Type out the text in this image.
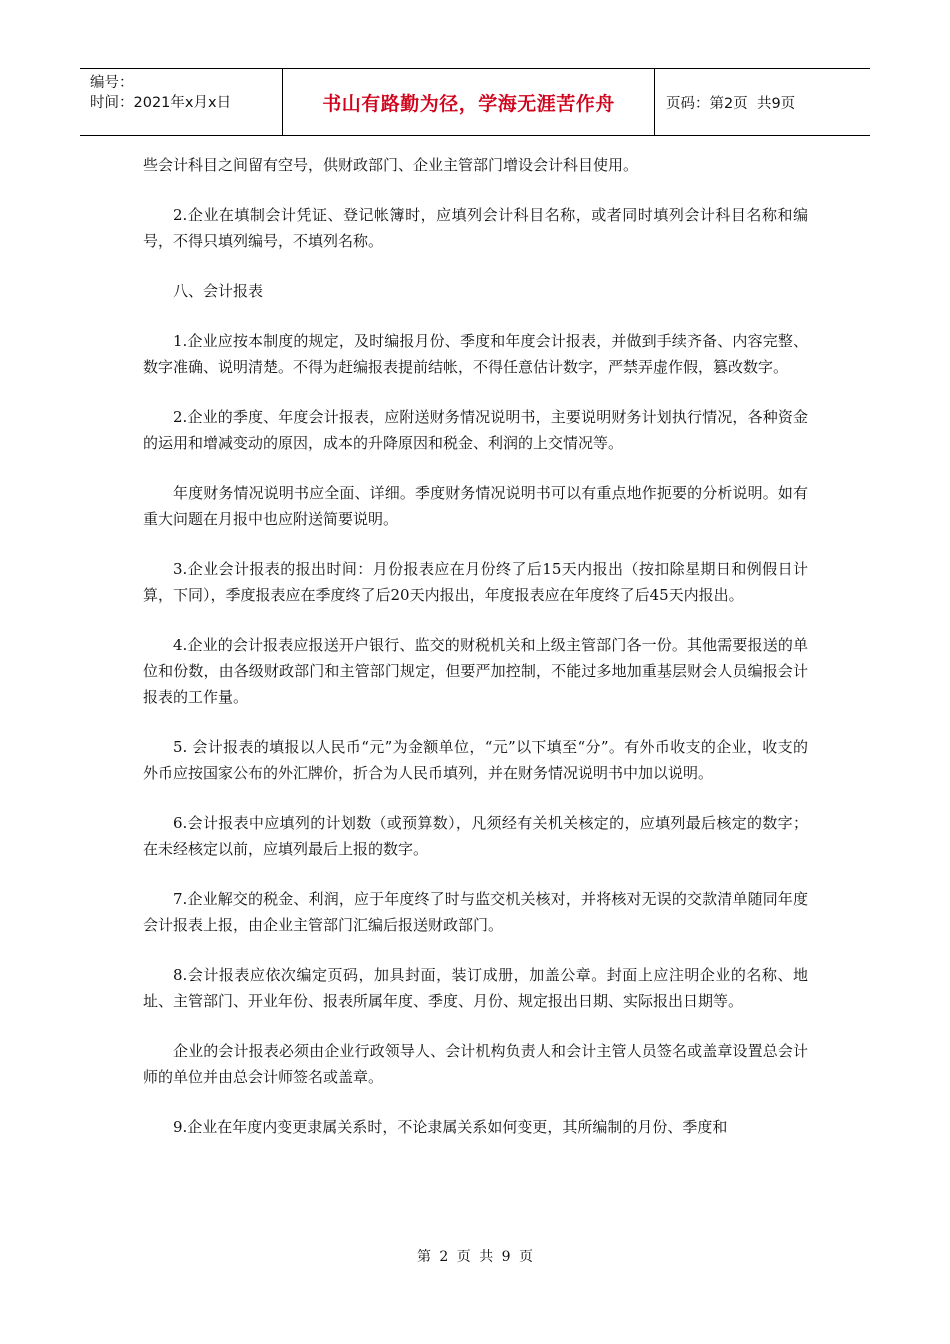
编号：
时间：2021年x月x日	书山有路勤为径，学海无涯苦作舟	页码：第2页  共9页

些会计科目之间留有空号，供财政部门、企业主管部门增设会计科目使用。

2.企业在填制会计凭证、登记帐簿时，应填列会计科目名称，或者同时填列会计科目名称和编号，不得只填列编号，不填列名称。

八、会计报表

1.企业应按本制度的规定，及时编报月份、季度和年度会计报表，并做到手续齐备、内容完整、数字准确、说明清楚。不得为赶编报表提前结帐，不得任意估计数字，严禁弄虚作假，篡改数字。

2.企业的季度、年度会计报表，应附送财务情况说明书，主要说明财务计划执行情况，各种资金的运用和增减变动的原因，成本的升降原因和税金、利润的上交情况等。

年度财务情况说明书应全面、详细。季度财务情况说明书可以有重点地作扼要的分析说明。如有重大问题在月报中也应附送简要说明。

3.企业会计报表的报出时间：月份报表应在月份终了后15天内报出（按扣除星期日和例假日计算，下同），季度报表应在季度终了后20天内报出，年度报表应在年度终了后45天内报出。

4.企业的会计报表应报送开户银行、监交的财税机关和上级主管部门各一份。其他需要报送的单位和份数，由各级财政部门和主管部门规定，但要严加控制，不能过多地加重基层财会人员编报会计报表的工作量。

5. 会计报表的填报以人民币“元”为金额单位，“元”以下填至“分”。有外币收支的企业，收支的外币应按国家公布的外汇牌价，折合为人民币填列，并在财务情况说明书中加以说明。

6.会计报表中应填列的计划数（或预算数），凡须经有关机关核定的，应填列最后核定的数字；在未经核定以前，应填列最后上报的数字。

7.企业解交的税金、利润，应于年度终了时与监交机关核对，并将核对无误的交款清单随同年度会计报表上报，由企业主管部门汇编后报送财政部门。

8.会计报表应依次编定页码，加具封面，装订成册，加盖公章。封面上应注明企业的名称、地址、主管部门、开业年份、报表所属年度、季度、月份、规定报出日期、实际报出日期等。

企业的会计报表必须由企业行政领导人、会计机构负责人和会计主管人员签名或盖章设置总会计师的单位并由总会计师签名或盖章。

9.企业在年度内变更隶属关系时，不论隶属关系如何变更，其所编制的月份、季度和

第 2 页 共 9 页
